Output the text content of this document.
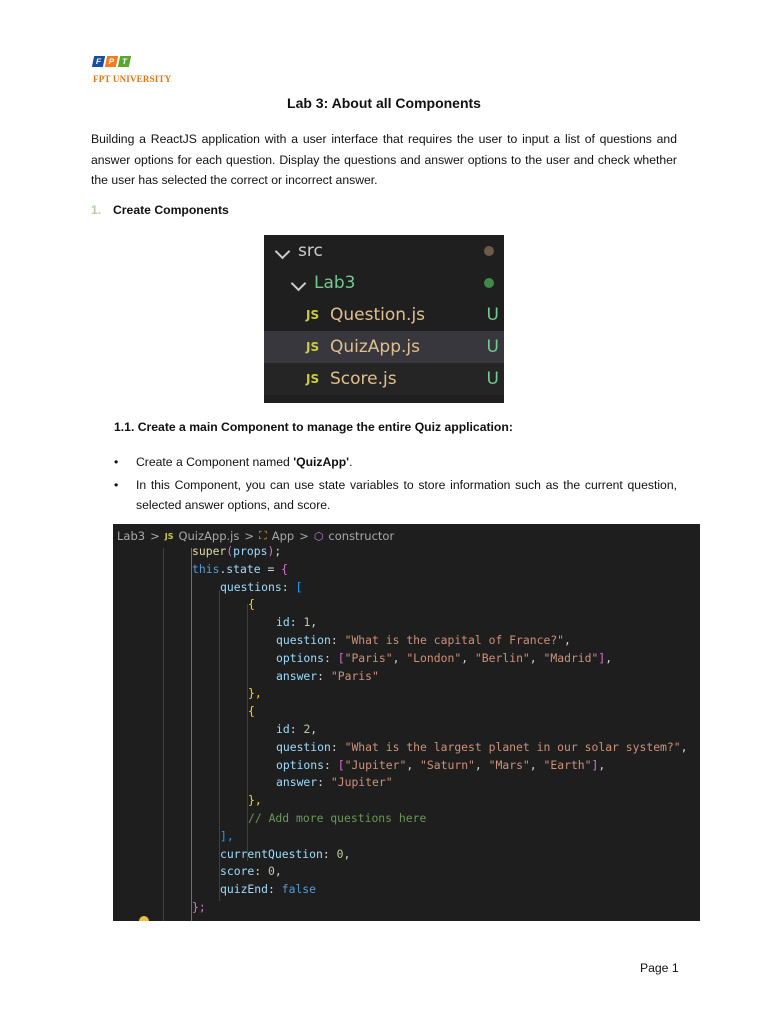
F P T Education
FPT UNIVERSITY
Lab 3: About all Components
Building a ReactJS application with a user interface that requires the user to input a list of questions and answer options for each question. Display the questions and answer options to the user and check whether the user has selected the correct or incorrect answer.
1. Create Components
src
Lab3
JS Question.js	U
JS QuizApp.js	U
JS Score.js	U
1.1. Create a main Component to manage the entire Quiz application:
• Create a Component named 'QuizApp'.
• In this Component, you can use state variables to store information such as the current question, selected answer options, and score.
Lab3 > JS QuizApp.js > ⛶ App > ⬡ constructor
super(props);
this.state = {
questions: [
{
id: 1,
question: "What is the capital of France?",
options: ["Paris", "London", "Berlin", "Madrid"],
answer: "Paris"
},
{
id: 2,
question: "What is the largest planet in our solar system?",
options: ["Jupiter", "Saturn", "Mars", "Earth"],
answer: "Jupiter"
},
// Add more questions here
],
currentQuestion: 0,
score: 0,
quizEnd: false
};
Page 1
